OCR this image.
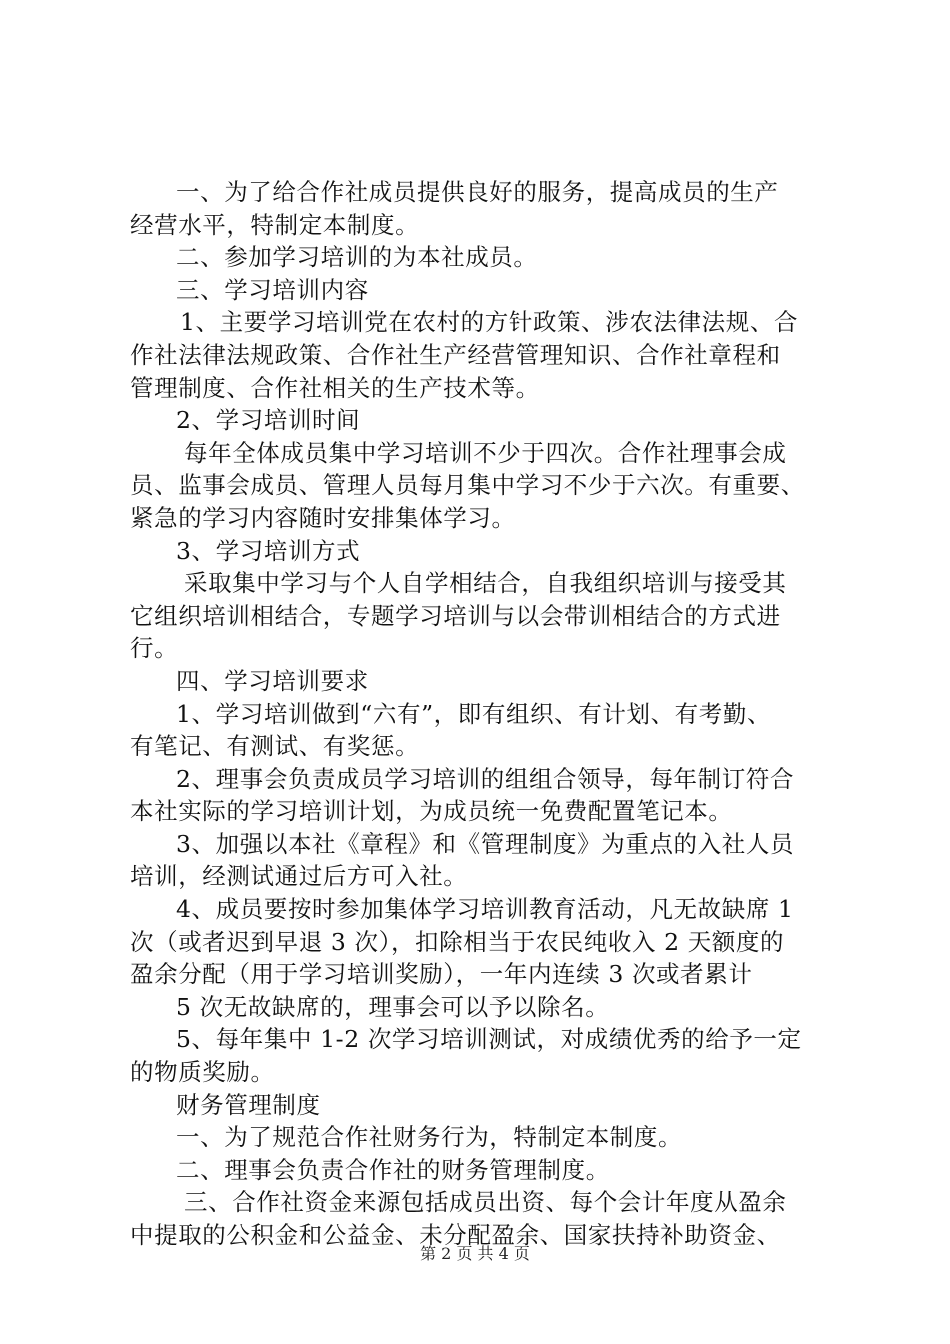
一、为了给合作社成员提供良好的服务，提高成员的生产
经营水平，特制定本制度。
二、参加学习培训的为本社成员。
三、学习培训内容
1、主要学习培训党在农村的方针政策、涉农法律法规、合
作社法律法规政策、合作社生产经营管理知识、合作社章程和
管理制度、合作社相关的生产技术等。
2、学习培训时间
每年全体成员集中学习培训不少于四次。合作社理事会成
员、监事会成员、管理人员每月集中学习不少于六次。有重要、
紧急的学习内容随时安排集体学习。
3、学习培训方式
采取集中学习与个人自学相结合，自我组织培训与接受其
它组织培训相结合，专题学习培训与以会带训相结合的方式进
行。
四、学习培训要求
1、学习培训做到“六有”，即有组织、有计划、有考勤、
有笔记、有测试、有奖惩。
2、理事会负责成员学习培训的组组合领导，每年制订符合
本社实际的学习培训计划，为成员统一免费配置笔记本。
3、加强以本社《章程》和《管理制度》为重点的入社人员
培训，经测试通过后方可入社。
4、成员要按时参加集体学习培训教育活动，凡无故缺席 1
次（或者迟到早退 3 次），扣除相当于农民纯收入 2 天额度的
盈余分配（用于学习培训奖励），一年内连续 3 次或者累计
5 次无故缺席的，理事会可以予以除名。
5、每年集中 1-2 次学习培训测试，对成绩优秀的给予一定
的物质奖励。
财务管理制度
一、为了规范合作社财务行为，特制定本制度。
二、理事会负责合作社的财务管理制度。
三、合作社资金来源包括成员出资、每个会计年度从盈余
中提取的公积金和公益金、未分配盈余、国家扶持补助资金、
第 2 页 共 4 页
